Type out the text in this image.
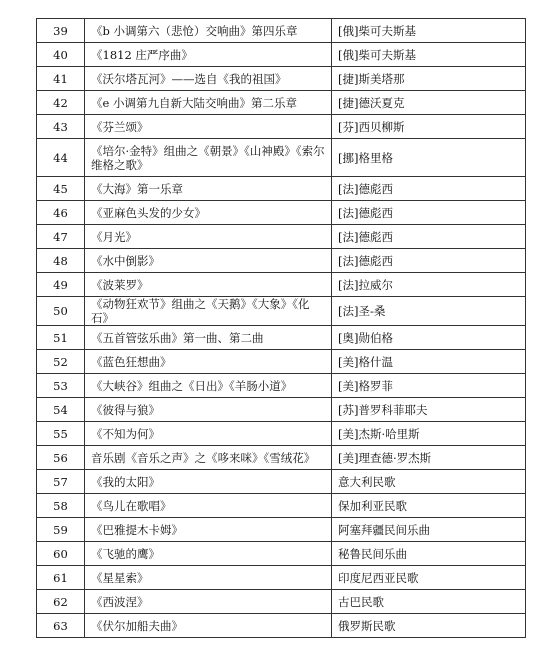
39	《b 小调第六（悲怆）交响曲》第四乐章	[俄]柴可夫斯基
40	《1812 庄严序曲》	[俄]柴可夫斯基
41	《沃尔塔瓦河》——选自《我的祖国》	[捷]斯美塔那
42	《e 小调第九自新大陆交响曲》第二乐章	[捷]德沃夏克
43	《芬兰颂》	[芬]西贝柳斯
44	《培尔·金特》组曲之《朝景》《山神殿》《索尔维格之歌》	[挪]格里格
45	《大海》第一乐章	[法]德彪西
46	《亚麻色头发的少女》	[法]德彪西
47	《月光》	[法]德彪西
48	《水中倒影》	[法]德彪西
49	《波莱罗》	[法]拉威尔
50	《动物狂欢节》组曲之《天鹅》《大象》《化石》	[法]圣-桑
51	《五首管弦乐曲》第一曲、第二曲	[奥]勋伯格
52	《蓝色狂想曲》	[美]格什温
53	《大峡谷》组曲之《日出》《羊肠小道》	[美]格罗菲
54	《彼得与狼》	[苏]普罗科菲耶夫
55	《不知为何》	[美]杰斯·哈里斯
56	音乐剧《音乐之声》之《哆来咪》《雪绒花》	[美]理查德·罗杰斯
57	《我的太阳》	意大利民歌
58	《鸟儿在歌唱》	保加利亚民歌
59	《巴雅提木卡姆》	阿塞拜疆民间乐曲
60	《飞驰的鹰》	秘鲁民间乐曲
61	《星星索》	印度尼西亚民歌
62	《西波涅》	古巴民歌
63	《伏尔加船夫曲》	俄罗斯民歌
